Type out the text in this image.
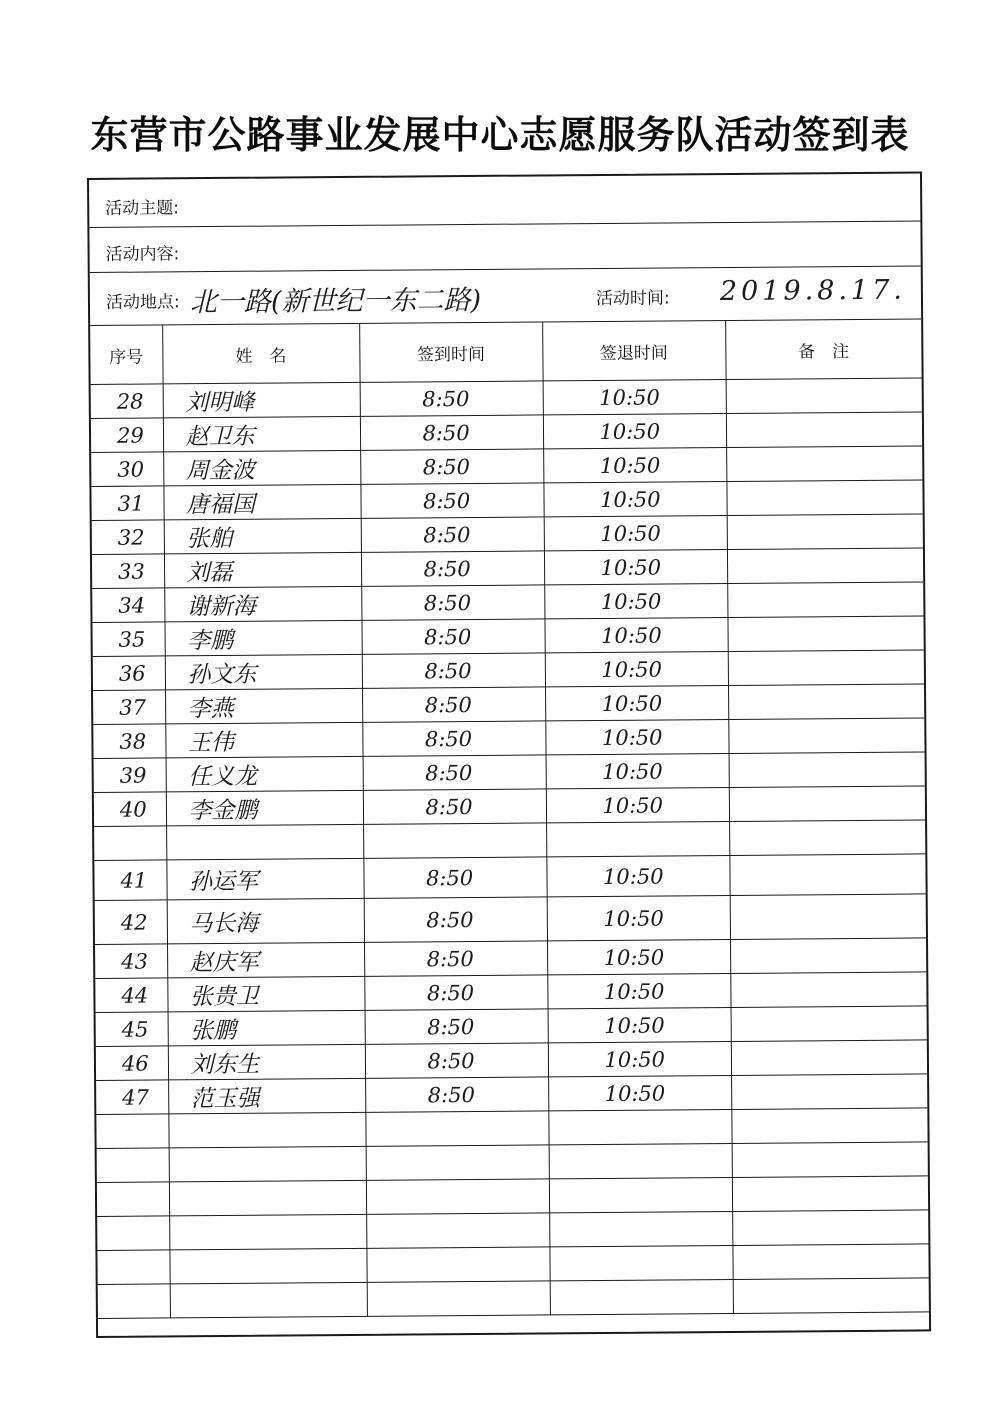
东营市公路事业发展中心志愿服务队活动签到表
活动主题:
活动内容:
活动地点: 北一路(新世纪一东二路)	活动时间: 2019.8.17.
序号	姓　名	签到时间	签退时间	备　注
28	刘明峰	8:50	10:50	
29	赵卫东	8:50	10:50	
30	周金波	8:50	10:50	
31	唐福国	8:50	10:50	
32	张舶	8:50	10:50	
33	刘磊	8:50	10:50	
34	谢新海	8:50	10:50	
35	李鹏	8:50	10:50	
36	孙文东	8:50	10:50	
37	李燕	8:50	10:50	
38	王伟	8:50	10:50	
39	任义龙	8:50	10:50	
40	李金鹏	8:50	10:50	

41	孙运军	8:50	10:50	
42	马长海	8:50	10:50	
43	赵庆军	8:50	10:50	
44	张贵卫	8:50	10:50	
45	张鹏	8:50	10:50	
46	刘东生	8:50	10:50	
47	范玉强	8:50	10:50	
